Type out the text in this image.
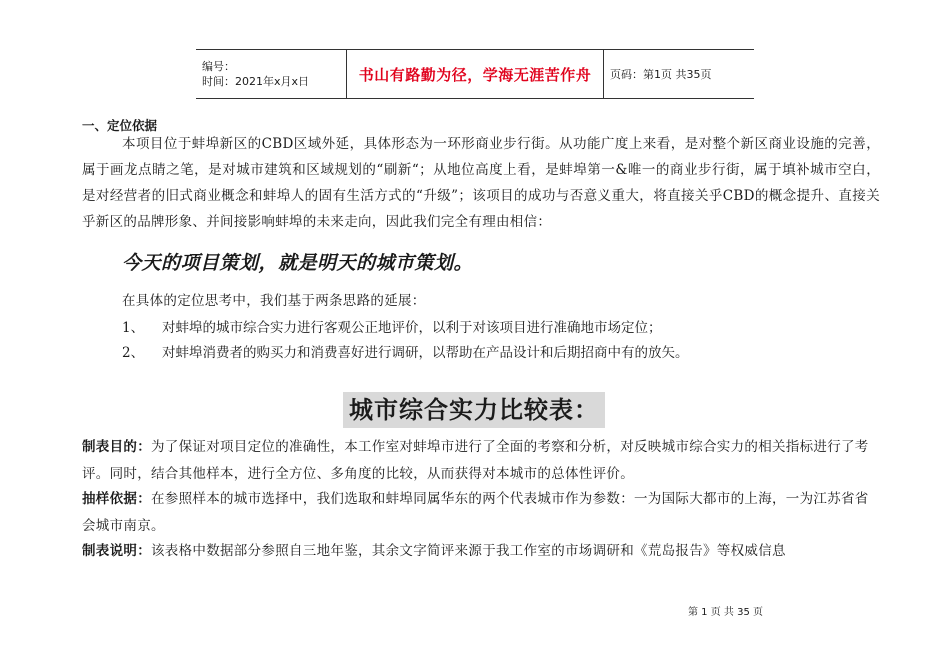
编号：
时间：2021年x月x日	书山有路勤为径，学海无涯苦作舟 页码：第1页 共35页
一、定位依据
本项目位于蚌埠新区的CBD区域外延，具体形态为一环形商业步行街。从功能广度上来看，是对整个新区商业设施的完善，属于画龙点睛之笔，是对城市建筑和区域规划的“刷新“；从地位高度上看，是蚌埠第一&唯一的商业步行街，属于填补城市空白，是对经营者的旧式商业概念和蚌埠人的固有生活方式的“升级”；该项目的成功与否意义重大，将直接关乎CBD的概念提升、直接关乎新区的品牌形象、并间接影响蚌埠的未来走向，因此我们完全有理由相信：
今天的项目策划，就是明天的城市策划。
在具体的定位思考中，我们基于两条思路的延展：
1、	对蚌埠的城市综合实力进行客观公正地评价，以利于对该项目进行准确地市场定位；
2、	对蚌埠消费者的购买力和消费喜好进行调研，以帮助在产品设计和后期招商中有的放矢。
城市综合实力比较表：
制表目的：为了保证对项目定位的准确性，本工作室对蚌埠市进行了全面的考察和分析，对反映城市综合实力的相关指标进行了考评。同时，结合其他样本，进行全方位、多角度的比较，从而获得对本城市的总体性评价。
抽样依据：在参照样本的城市选择中，我们选取和蚌埠同属华东的两个代表城市作为参数：一为国际大都市的上海，一为江苏省省会城市南京。
制表说明：该表格中数据部分参照自三地年鉴，其余文字简评来源于我工作室的市场调研和《荒岛报告》等权威信息
第 1 页 共 35 页
